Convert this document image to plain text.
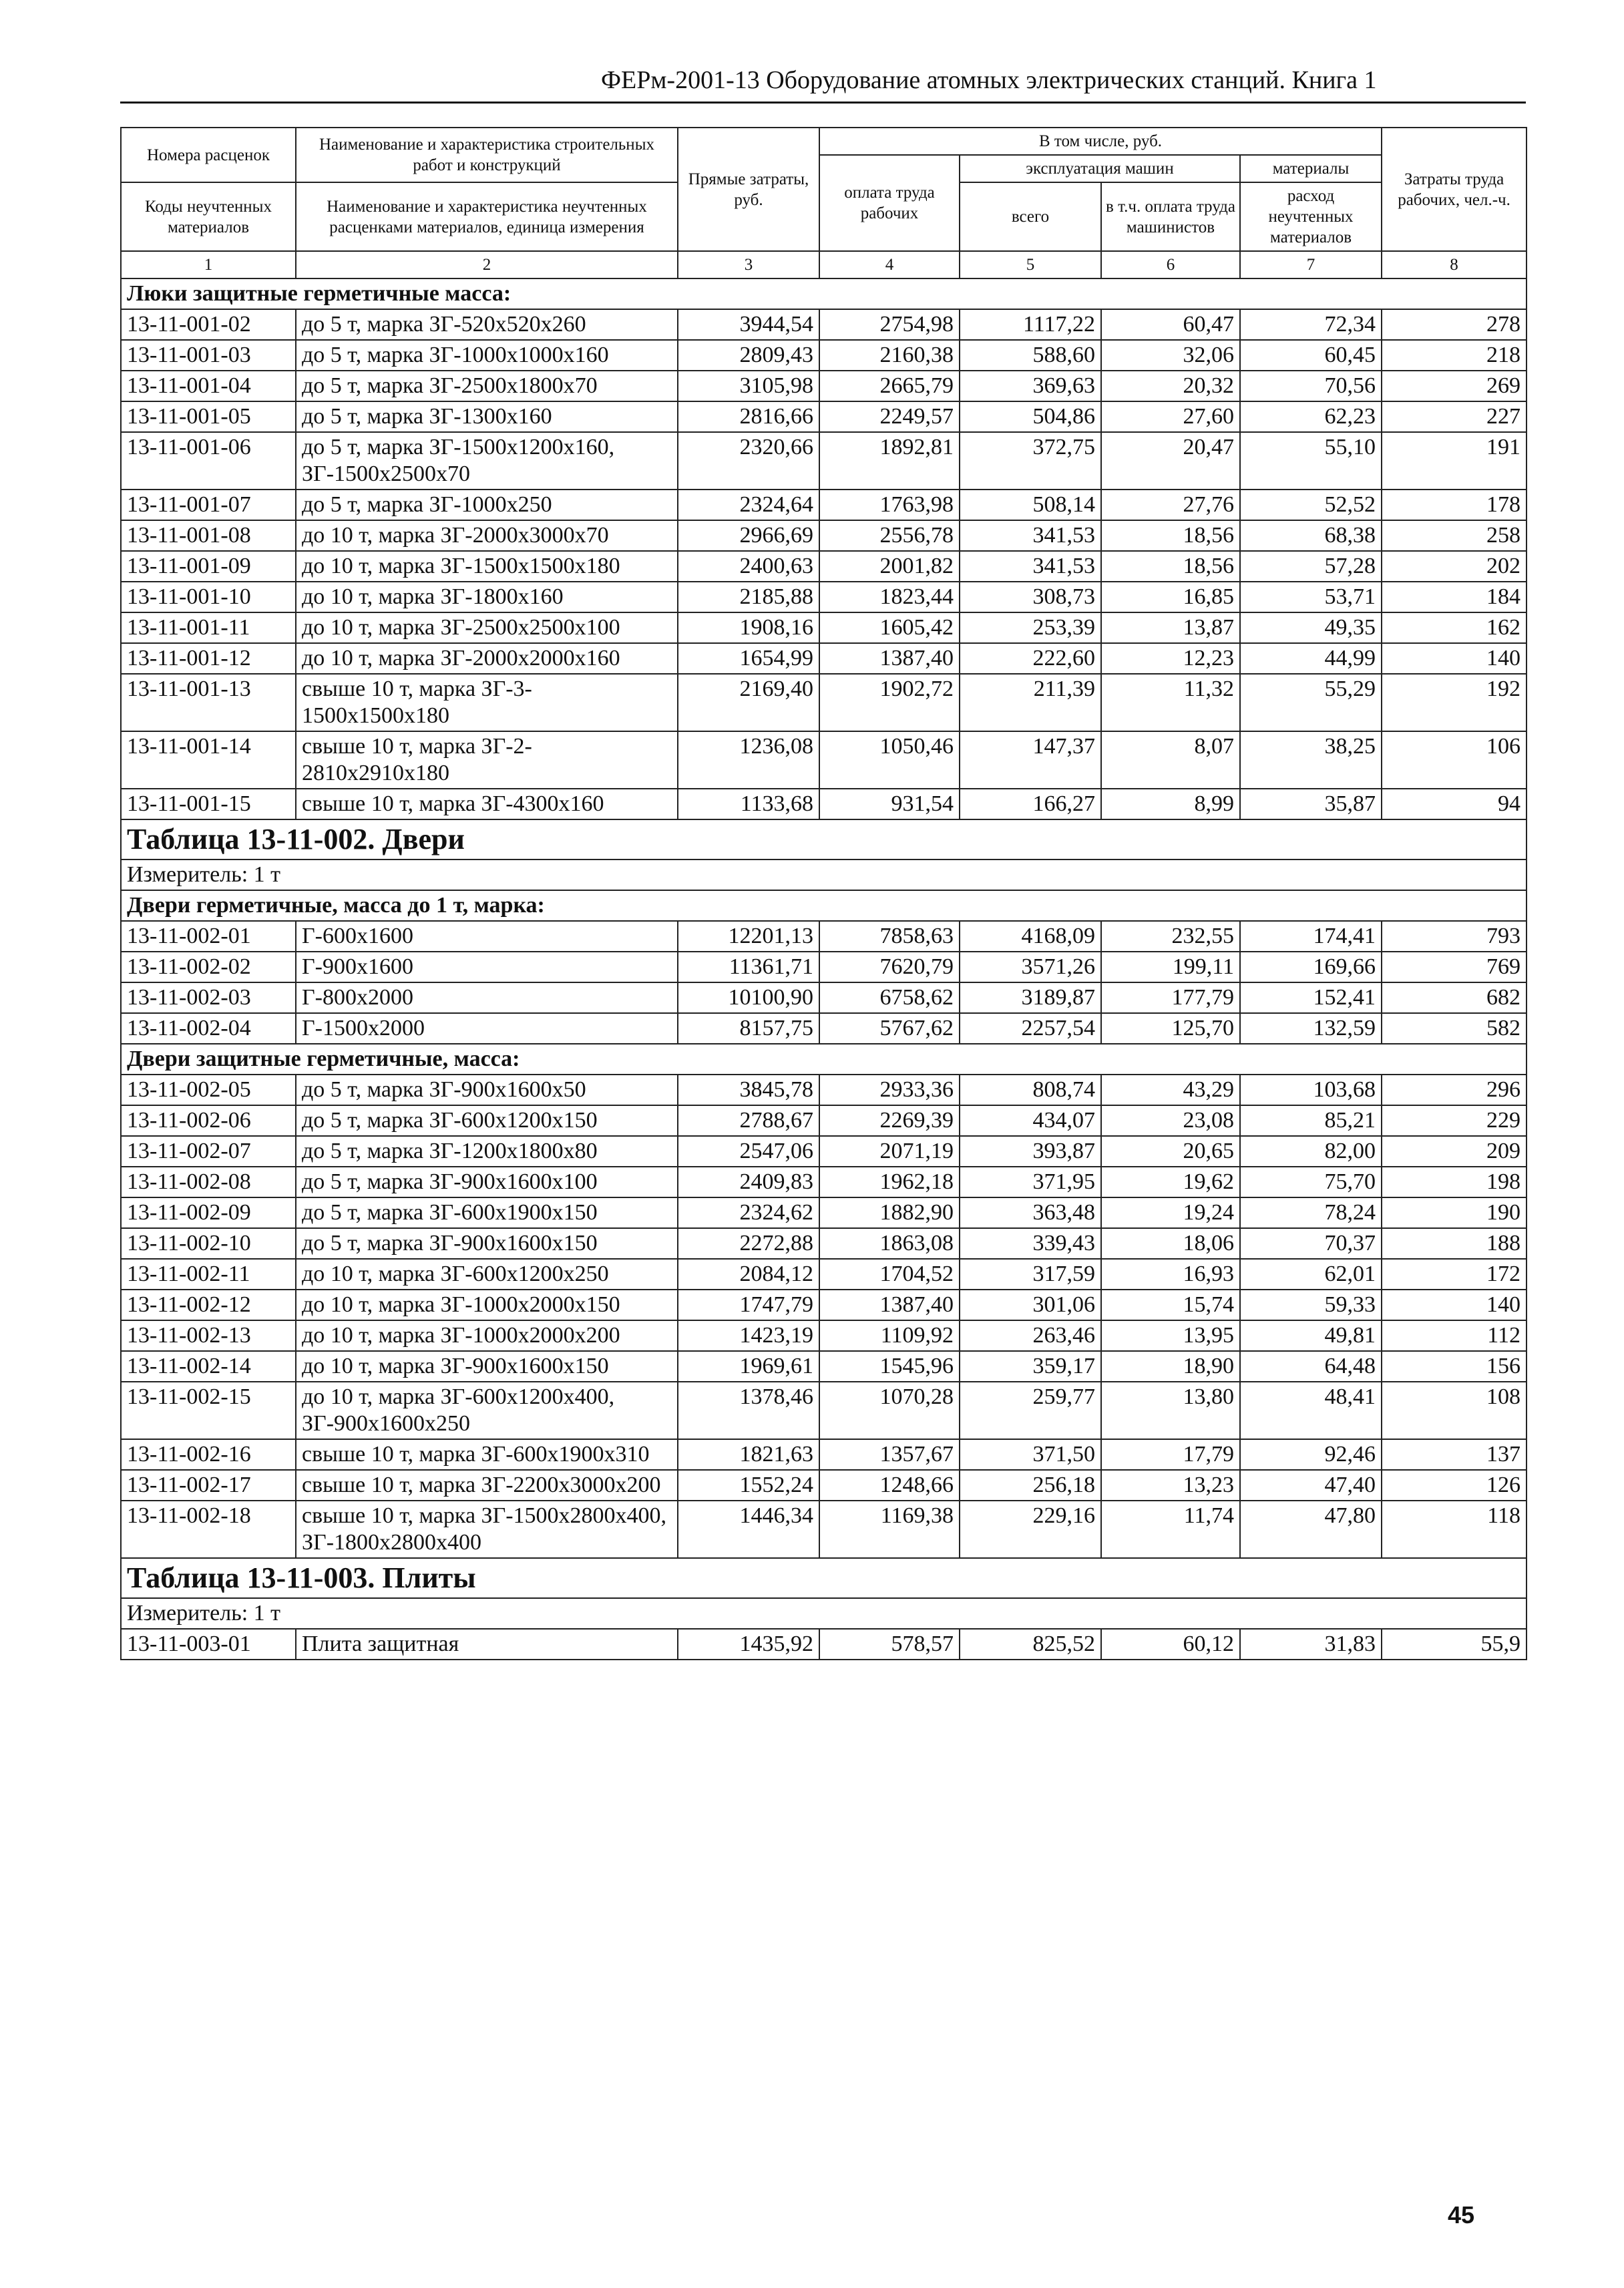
ФЕРм-2001-13 Оборудование атомных электрических станций. Книга 1
Номера расценок	Наименование и характеристика строительных работ и конструкций	Прямые затраты, руб.	В том числе, руб.				Затраты труда рабочих, чел.-ч.
			оплата труда рабочих	эксплуатация машин		материалы	
Коды неучтенных материалов	Наименование и характеристика неучтенных расценками материалов, единица измерения			всего	в т.ч. оплата труда машинистов	расход неучтенных материалов	

1	2	3	4	5	6	7	8
Люки защитные герметичные масса:							
13-11-001-02	до 5 т, марка ЗГ-520х520х260	3944,54	2754,98	1117,22	60,47	72,34	278
13-11-001-03	до 5 т, марка ЗГ-1000х1000х160	2809,43	2160,38	588,60	32,06	60,45	218
13-11-001-04	до 5 т, марка ЗГ-2500х1800х70	3105,98	2665,79	369,63	20,32	70,56	269
13-11-001-05	до 5 т, марка ЗГ-1300х160	2816,66	2249,57	504,86	27,60	62,23	227
13-11-001-06	до 5 т, марка ЗГ-1500х1200х160, ЗГ-1500х2500х70	2320,66	1892,81	372,75	20,47	55,10	191
13-11-001-07	до 5 т, марка ЗГ-1000х250	2324,64	1763,98	508,14	27,76	52,52	178
13-11-001-08	до 10 т, марка ЗГ-2000х3000х70	2966,69	2556,78	341,53	18,56	68,38	258
13-11-001-09	до 10 т, марка ЗГ-1500х1500х180	2400,63	2001,82	341,53	18,56	57,28	202
13-11-001-10	до 10 т, марка ЗГ-1800х160	2185,88	1823,44	308,73	16,85	53,71	184
13-11-001-11	до 10 т, марка ЗГ-2500х2500х100	1908,16	1605,42	253,39	13,87	49,35	162
13-11-001-12	до 10 т, марка ЗГ-2000х2000х160	1654,99	1387,40	222,60	12,23	44,99	140
13-11-001-13	свыше 10 т, марка ЗГ-3-1500х1500х180	2169,40	1902,72	211,39	11,32	55,29	192
13-11-001-14	свыше 10 т, марка ЗГ-2-2810х2910х180	1236,08	1050,46	147,37	8,07	38,25	106
13-11-001-15	свыше 10 т, марка ЗГ-4300х160	1133,68	931,54	166,27	8,99	35,87	94
Таблица 13-11-002. Двери							
Измеритель: 1 т							
Двери герметичные, масса до 1 т, марка:							
13-11-002-01	Г-600х1600	12201,13	7858,63	4168,09	232,55	174,41	793
13-11-002-02	Г-900х1600	11361,71	7620,79	3571,26	199,11	169,66	769
13-11-002-03	Г-800х2000	10100,90	6758,62	3189,87	177,79	152,41	682
13-11-002-04	Г-1500х2000	8157,75	5767,62	2257,54	125,70	132,59	582
Двери защитные герметичные, масса:							
13-11-002-05	до 5 т, марка ЗГ-900х1600х50	3845,78	2933,36	808,74	43,29	103,68	296
13-11-002-06	до 5 т, марка ЗГ-600х1200х150	2788,67	2269,39	434,07	23,08	85,21	229
13-11-002-07	до 5 т, марка ЗГ-1200х1800х80	2547,06	2071,19	393,87	20,65	82,00	209
13-11-002-08	до 5 т, марка ЗГ-900х1600х100	2409,83	1962,18	371,95	19,62	75,70	198
13-11-002-09	до 5 т, марка ЗГ-600х1900х150	2324,62	1882,90	363,48	19,24	78,24	190
13-11-002-10	до 5 т, марка ЗГ-900х1600х150	2272,88	1863,08	339,43	18,06	70,37	188
13-11-002-11	до 10 т, марка ЗГ-600х1200х250	2084,12	1704,52	317,59	16,93	62,01	172
13-11-002-12	до 10 т, марка ЗГ-1000х2000х150	1747,79	1387,40	301,06	15,74	59,33	140
13-11-002-13	до 10 т, марка ЗГ-1000х2000х200	1423,19	1109,92	263,46	13,95	49,81	112
13-11-002-14	до 10 т, марка ЗГ-900х1600х150	1969,61	1545,96	359,17	18,90	64,48	156
13-11-002-15	до 10 т, марка ЗГ-600х1200х400, ЗГ-900х1600х250	1378,46	1070,28	259,77	13,80	48,41	108
13-11-002-16	свыше 10 т, марка ЗГ-600х1900х310	1821,63	1357,67	371,50	17,79	92,46	137
13-11-002-17	свыше 10 т, марка ЗГ-2200х3000х200	1552,24	1248,66	256,18	13,23	47,40	126
13-11-002-18	свыше 10 т, марка ЗГ-1500х2800х400, ЗГ-1800х2800х400	1446,34	1169,38	229,16	11,74	47,80	118
Таблица 13-11-003. Плиты							
Измеритель: 1 т							
13-11-003-01	Плита защитная	1435,92	578,57	825,52	60,12	31,83	55,9
45
